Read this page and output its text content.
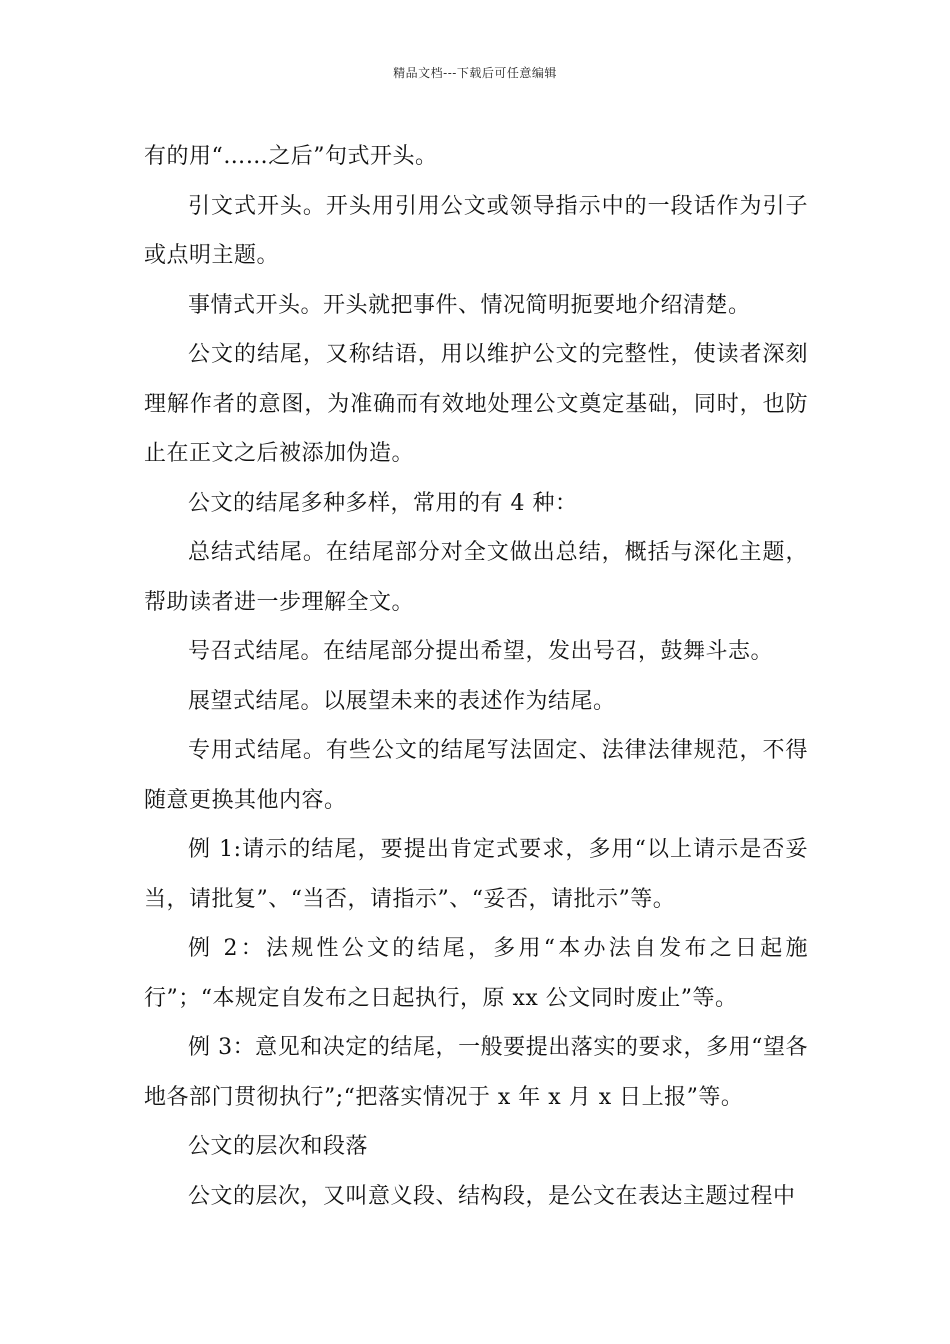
精品文档---下载后可任意编辑

有的用“……之后”句式开头。

引文式开头。开头用引用公文或领导指示中的一段话作为引子或点明主题。

事情式开头。开头就把事件、情况简明扼要地介绍清楚。

公文的结尾，又称结语，用以维护公文的完整性，使读者深刻理解作者的意图，为准确而有效地处理公文奠定基础，同时，也防止在正文之后被添加伪造。

公文的结尾多种多样，常用的有 4 种：

总结式结尾。在结尾部分对全文做出总结，概括与深化主题，帮助读者进一步理解全文。

号召式结尾。在结尾部分提出希望，发出号召，鼓舞斗志。

展望式结尾。以展望未来的表述作为结尾。

专用式结尾。有些公文的结尾写法固定、法律法律规范，不得随意更换其他内容。

例 1:请示的结尾，要提出肯定式要求，多用“以上请示是否妥当，请批复”、“当否，请指示”、“妥否，请批示”等。

例 2：法规性公文的结尾，多用“本办法自发布之日起施行”；“本规定自发布之日起执行，原 xx 公文同时废止”等。

例 3：意见和决定的结尾，一般要提出落实的要求，多用“望各地各部门贯彻执行”;“把落实情况于 x 年 x 月 x 日上报”等。

公文的层次和段落

公文的层次，又叫意义段、结构段，是公文在表达主题过程中
